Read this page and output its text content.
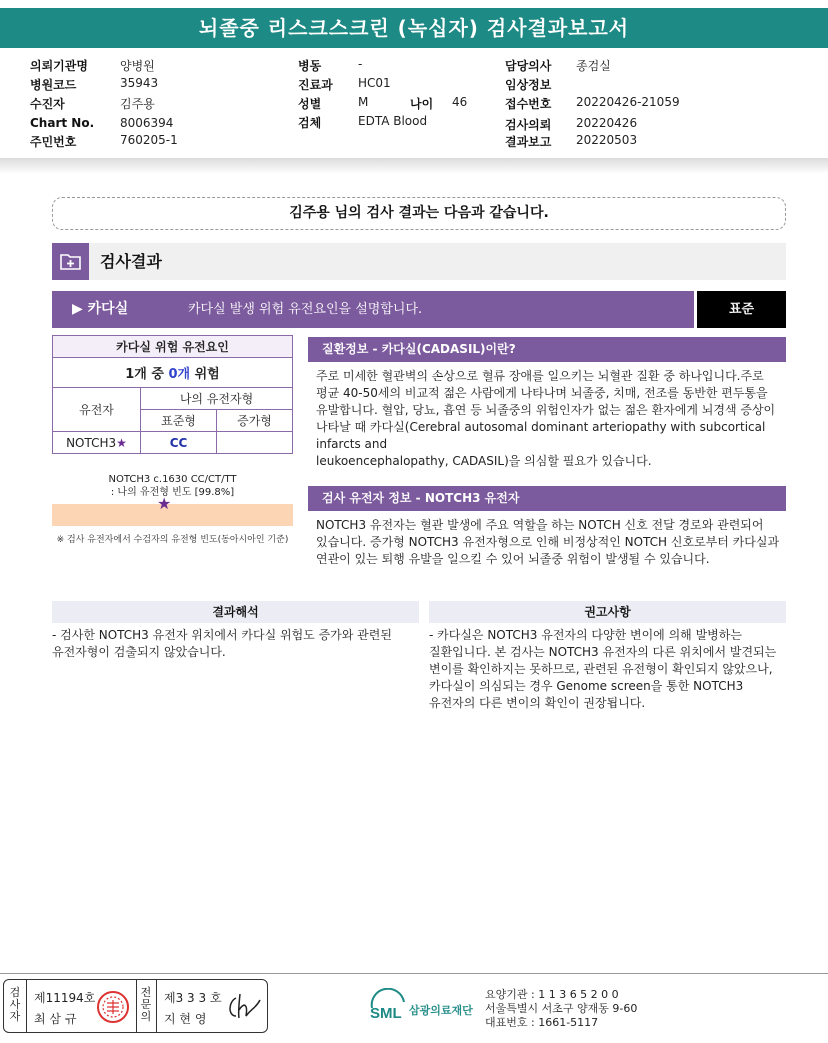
뇌졸중 리스크스크린 (녹십자) 검사결과보고서
의뢰기관명	양병원
병원코드	35943
수진자	김주용
Chart No. 8006394
주민번호	760205-1
병동	-
진료과 HC01
성별	M	나이 46
검체	EDTA Blood
담당의사 종검실
임상정보
접수번호 20220426-21059
검사의뢰 20220426
결과보고 20220503
김주용 님의 검사 결과는 다음과 같습니다.
검사결과
▶ 카다실	카다실 발생 위험 유전요인을 설명합니다.	표준
카다실 위험 유전요인		
1개 중 0개 위험		
유전자	나의 유전자형	
	표준형	증가형
NOTCH3★	CC	
NOTCH3 c.1630 CC/CT/TT
: 나의 유전형 빈도 [99.8%]
★
※ 검사 유전자에서 수검자의 유전형 빈도(동아시아인 기준)
질환정보 - 카다실(CADASIL)이란?
주로 미세한 혈관벽의 손상으로 혈류 장애를 일으키는 뇌혈관 질환 중 하나입니다.주로
평균 40-50세의 비교적 젊은 사람에게 나타나며 뇌졸중, 치매, 전조를 동반한 편두통을
유발합니다. 혈압, 당뇨, 흡연 등 뇌졸중의 위험인자가 없는 젊은 환자에게 뇌경색 증상이
나타날 때 카다실(Cerebral autosomal dominant arteriopathy with subcortical infarcts and
leukoencephalopathy, CADASIL)을 의심할 필요가 있습니다.
검사 유전자 정보 - NOTCH3 유전자
NOTCH3 유전자는 혈관 발생에 주요 역할을 하는 NOTCH 신호 전달 경로와 관련되어
있습니다. 증가형 NOTCH3 유전자형으로 인해 비정상적인 NOTCH 신호로부터 카다실과
연관이 있는 퇴행 유발을 일으킬 수 있어 뇌졸중 위험이 발생될 수 있습니다.
결과해석
- 검사한 NOTCH3 유전자 위치에서 카다실 위험도 증가와 관련된
유전자형이 검출되지 않았습니다.
권고사항
- 카다실은 NOTCH3 유전자의 다양한 변이에 의해 발병하는
질환입니다. 본 검사는 NOTCH3 유전자의 다른 위치에서 발견되는
변이를 확인하지는 못하므로, 관련된 유전형이 확인되지 않았으나,
카다실이 의심되는 경우 Genome screen을 통한 NOTCH3
유전자의 다른 변이의 확인이 권장됩니다.
검
사
자
제11194호
최 삼 규
전
문
의
제3 3 3 호
지 현 영	SML 삼광의료재단
요양기관 : 1 1 3 6 5 2 0 0
서울특별시 서초구 양재동 9-60
대표번호 : 1661-5117
